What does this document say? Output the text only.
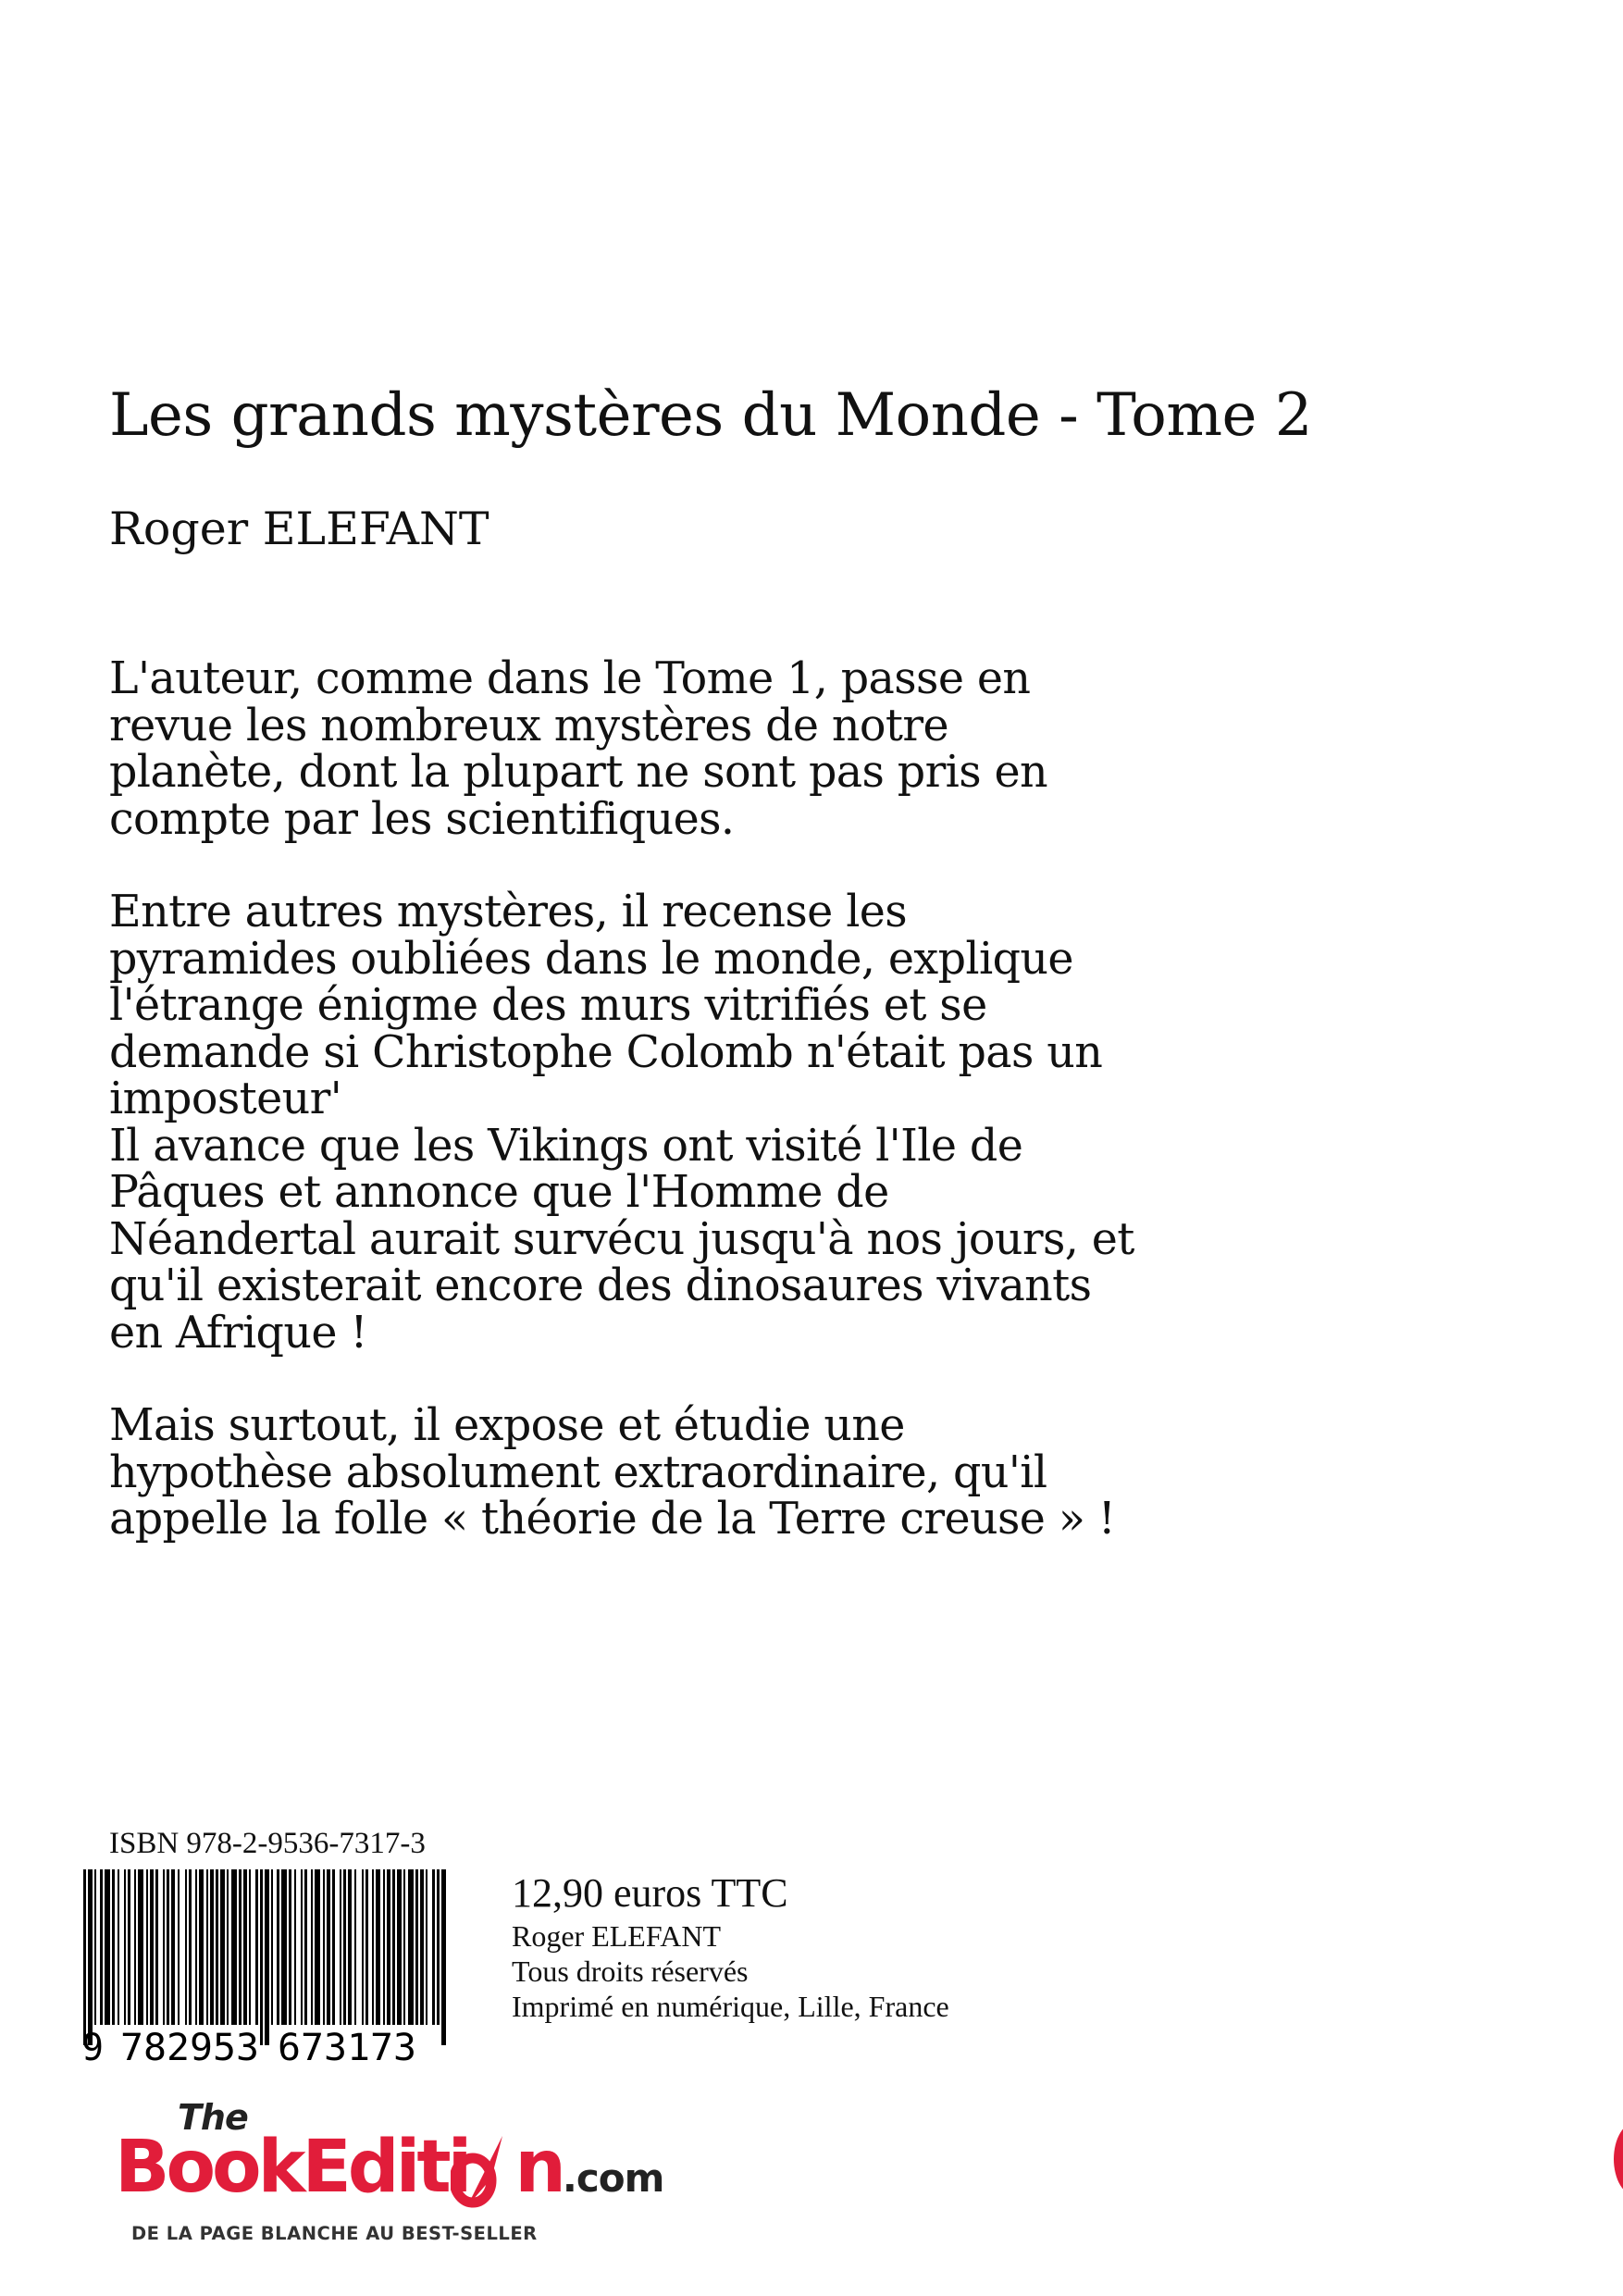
Les grands mystères du Monde - Tome 2
Roger ELEFANT

L'auteur, comme dans le Tome 1, passe en
revue les nombreux mystères de notre
planète, dont la plupart ne sont pas pris en
compte par les scientifiques.

Entre autres mystères, il recense les
pyramides oubliées dans le monde, explique
l'étrange énigme des murs vitrifiés et se
demande si Christophe Colomb n'était pas un
imposteur'
Il avance que les Vikings ont visité l'Ile de
Pâques et annonce que l'Homme de
Néandertal aurait survécu jusqu'à nos jours, et
qu'il existerait encore des dinosaures vivants
en Afrique !

Mais surtout, il expose et étudie une
hypothèse absolument extraordinaire, qu'il
appelle la folle « théorie de la Terre creuse » !

ISBN 978-2-9536-7317-3
9 782953 673173
12,90 euros TTC
Roger ELEFANT
Tous droits réservés
Imprimé en numérique, Lille, France
The
BookEditi n.com
DE LA PAGE BLANCHE AU BEST-SELLER
